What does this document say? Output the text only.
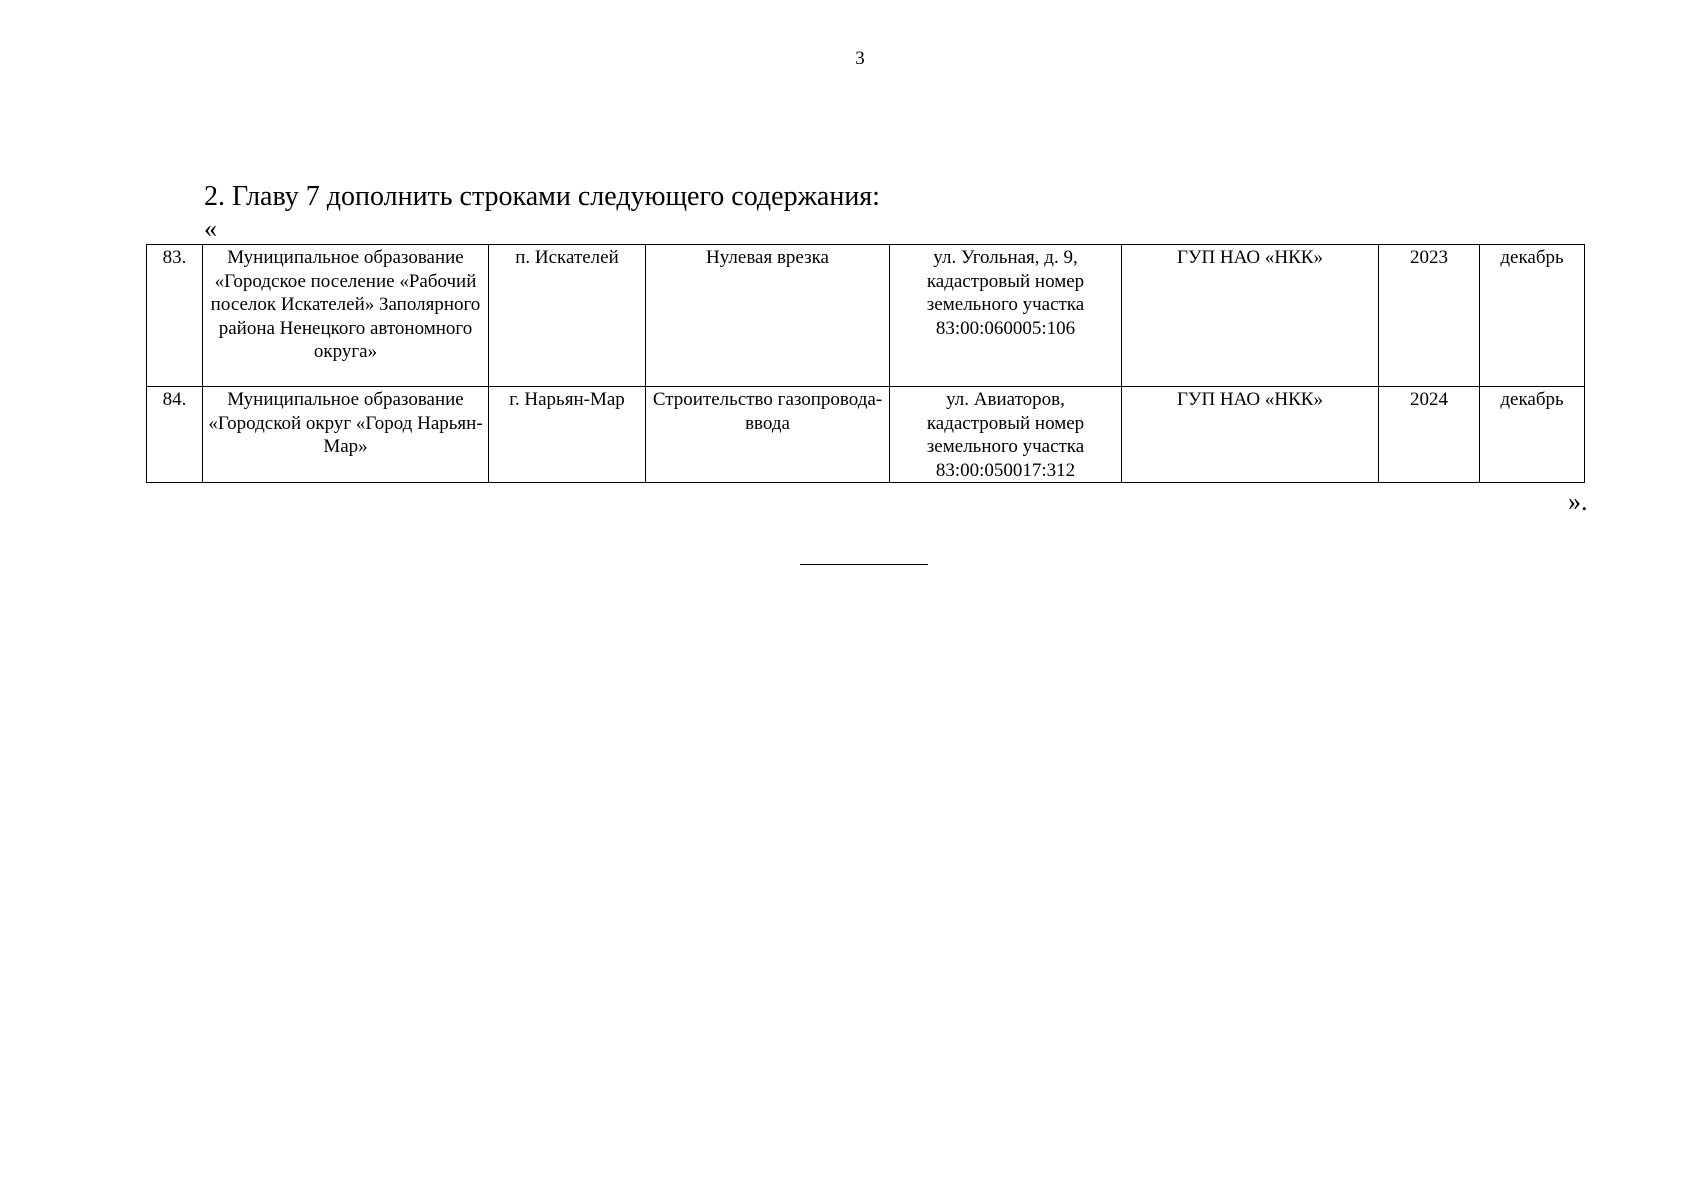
3
2. Главу 7 дополнить строками следующего содержания:
«
83.	Муниципальное образование «Городское поселение «Рабочий поселок Искателей» Заполярного района Ненецкого автономного округа»	п. Искателей	Нулевая врезка	ул. Угольная, д. 9, кадастровый номер земельного участка 83:00:060005:106	ГУП НАО «НКК»	2023	декабрь
84.	Муниципальное образование «Городской округ «Город Нарьян-Мар»	г. Нарьян-Мар	Строительство газопровода-ввода	ул. Авиаторов, кадастровый номер земельного участка 83:00:050017:312	ГУП НАО «НКК»	2024	декабрь
».
